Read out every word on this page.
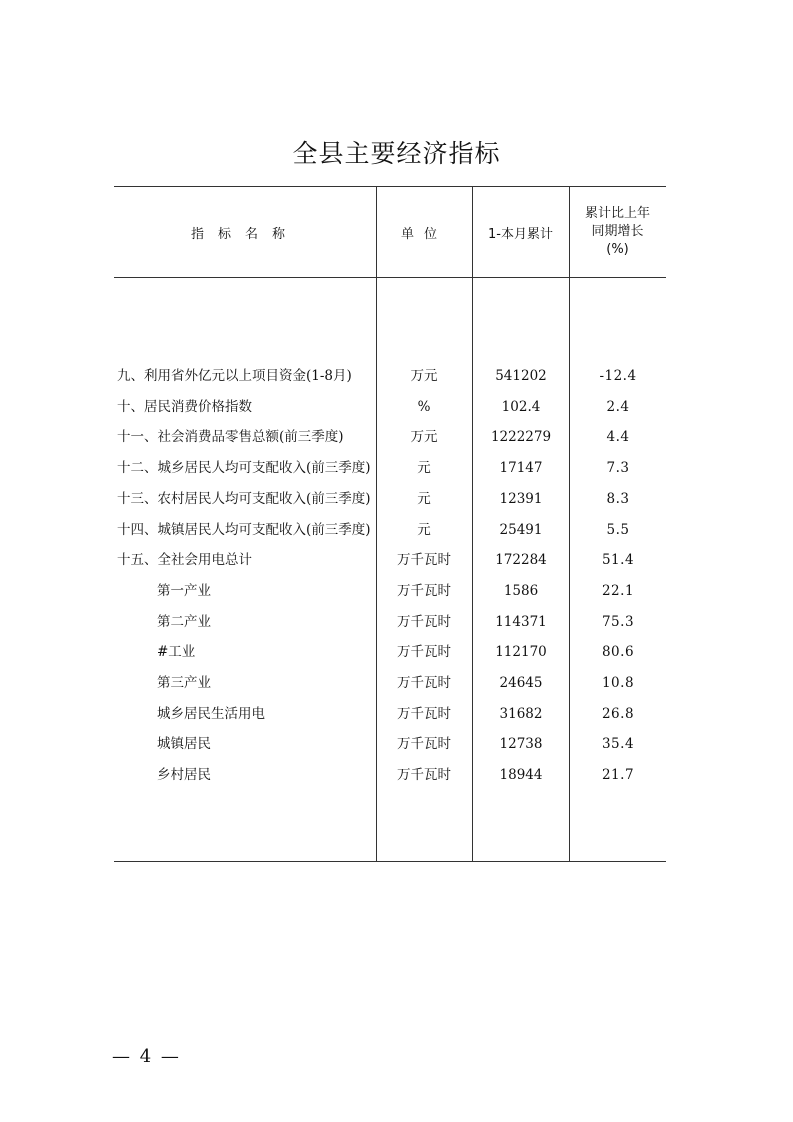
全县主要经济指标
指标名称	单位	1-本月累计
累计比上年
同期增长
(%)
九、利用省外亿元以上项目资金(1-8月)	万元	541202	-12.4
十、居民消费价格指数	%	102.4	2.4
十一、社会消费品零售总额(前三季度)	万元	1222279	4.4
十二、城乡居民人均可支配收入(前三季度)	元	17147	7.3
十三、农村居民人均可支配收入(前三季度)	元	12391	8.3
十四、城镇居民人均可支配收入(前三季度)	元	25491	5.5
十五、全社会用电总计	万千瓦时	172284	51.4
第一产业	万千瓦时	1586	22.1
第二产业	万千瓦时	114371	75.3
#工业	万千瓦时	112170	80.6
第三产业	万千瓦时	24645	10.8
城乡居民生活用电	万千瓦时	31682	26.8
城镇居民	万千瓦时	12738	35.4
乡村居民	万千瓦时	18944	21.7
— 4 —
